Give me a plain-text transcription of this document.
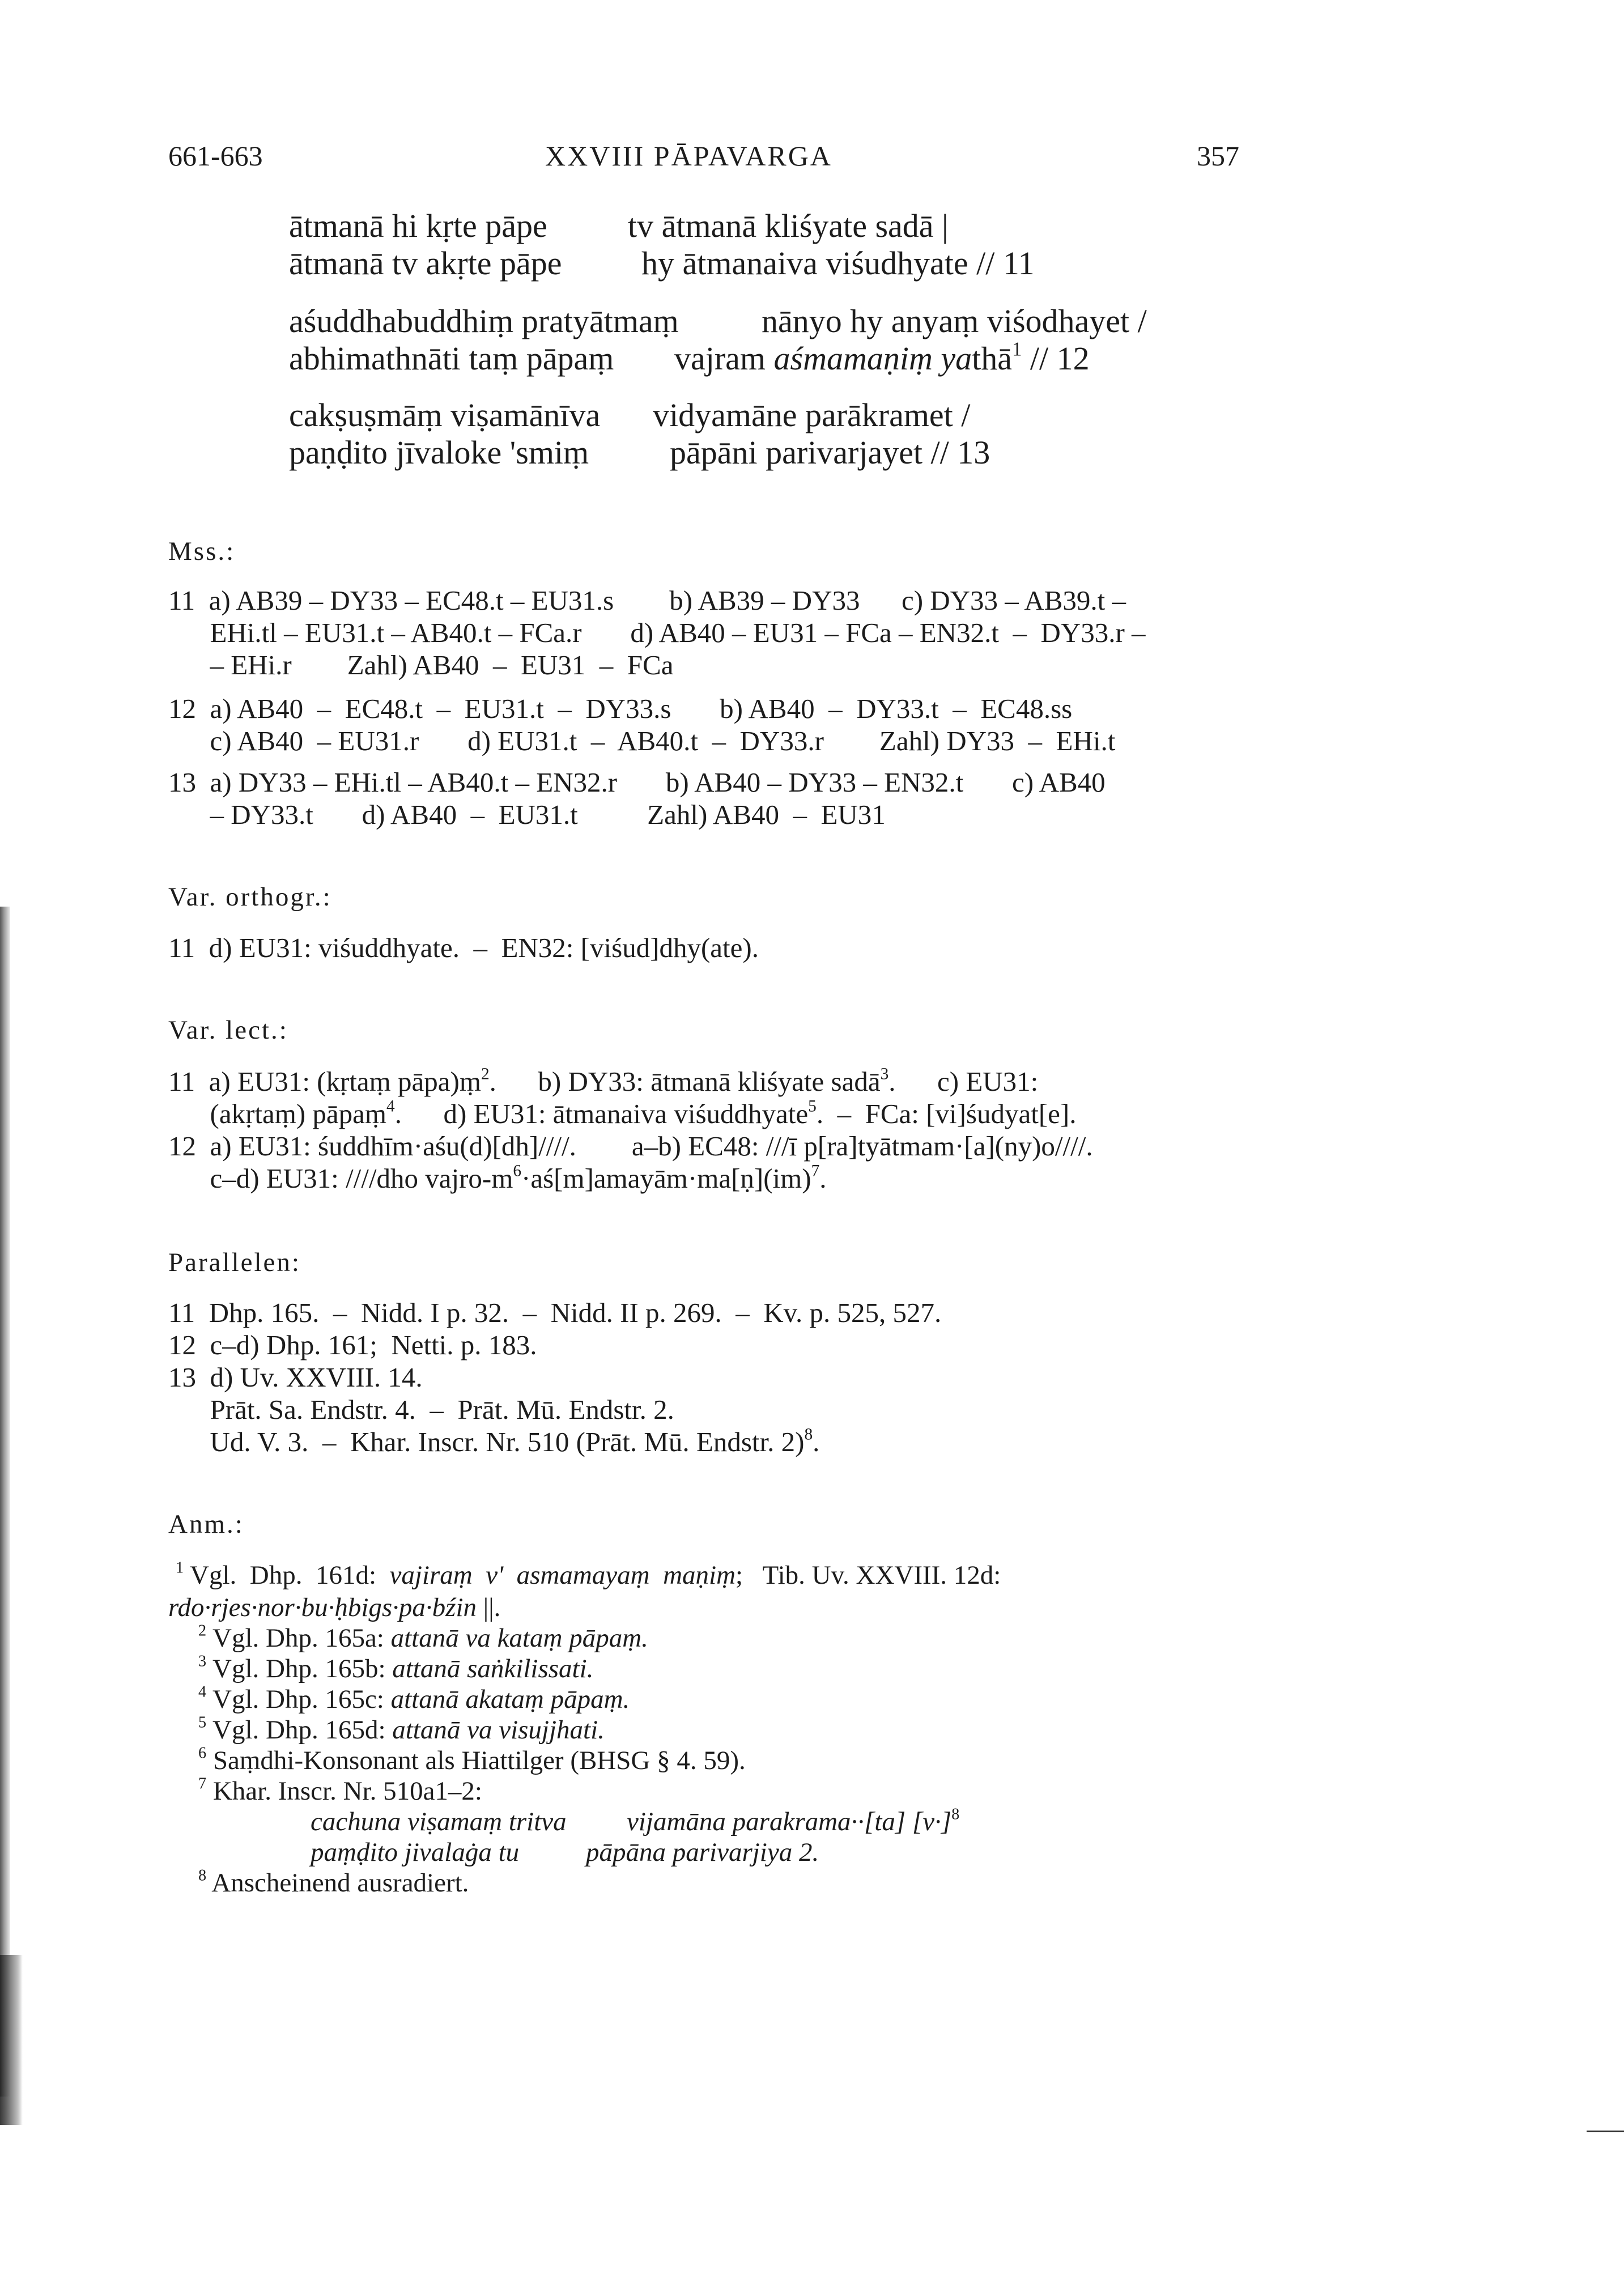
661-663	XXVIII PĀPAVARGA	357
ātmanā hi kṛte pāpe tv ātmanā kliśyate sadā |
ātmanā tv akṛte pāpe hy ātmanaiva viśudhyate // 11
aśuddhabuddhiṃ pratyātmaṃ	nānyo hy anyaṃ viśodhayet /
abhimathnāti taṃ pāpaṃ vajram aśmamaṇiṃ yathā$^1$ // 12
cakṣuṣmāṃ viṣamānīva vidyamāne parākramet /
paṇḍito jīvaloke 'smiṃ pāpāni parivarjayet // 13
Mss.:
11  a) AB39 – DY33 – EC48.t – EU31.s        b) AB39 – DY33      c) DY33 – AB39.t –
EHi.tl – EU31.t – AB40.t – FCa.r       d) AB40 – EU31 – FCa – EN32.t  –  DY33.r –
– EHi.r        Zahl) AB40  –  EU31  –  FCa
12  a) AB40  –  EC48.t  –  EU31.t  –  DY33.s       b) AB40  –  DY33.t  –  EC48.ss
c) AB40  – EU31.r       d) EU31.t  –  AB40.t  –  DY33.r        Zahl) DY33  –  EHi.t
13  a) DY33 – EHi.tl – AB40.t – EN32.r       b) AB40 – DY33 – EN32.t       c) AB40
– DY33.t       d) AB40  –  EU31.t          Zahl) AB40  –  EU31
Var. orthogr.:
11  d) EU31: viśuddhyate.  –  EN32: [viśud]dhy(ate).
Var. lect.:
11  a) EU31: (kṛtaṃ pāpa)ṃ$^2$.      b) DY33: ātmanā kliśyate sadā$^3$.      c) EU31:
(akṛtaṃ) pāpaṃ$^4$.      d) EU31: ātmanaiva viśuddhyate$^5$.  –  FCa: [vi]śudyat[e].
12  a) EU31: śuddhīm·aśu(d)[dh]////.        a–b) EC48: ///ī p[ra]tyātmam·[a](ny)o////.
c–d) EU31: ////dho vajro-$m^6\cdot aś[m]amayām\cdot ma[ṇ](im)^7$.
Parallelen:
11  Dhp. 165.  –  Nidd. I p. 32.  –  Nidd. II p. 269.  –  Kv. p. 525, 527.
12  c–d) Dhp. 161;  Netti. p. 183.
13  d) Uv. XXVIII. 14.
Prāt. Sa. Endstr. 4.  –  Prāt. Mū. Endstr. 2.
Ud. V. 3.  –  Khar. Inscr. Nr. 510 (Prāt. Mū. Endstr. 2)$^8$.
Anm.:
$^1$ Vgl.  Dhp.  161d:  vajiraṃ  v'  asmamayaṃ  maṇiṃ;   Tib. Uv. XXVIII. 12d:
rdo·rjes·nor·bu·ḥbigs·pa·bźin ||.
$^2$ Vgl. Dhp. 165a: attanā va kataṃ pāpaṃ.
$^3$ Vgl. Dhp. 165b: attanā saṅkilissati.
$^4$ Vgl. Dhp. 165c: attanā akataṃ pāpaṃ.
$^5$ Vgl. Dhp. 165d: attanā va visujjhati.
$^6$ Saṃdhi-Konsonant als Hiattilger (BHSG § 4. 59).
$^7$ Khar. Inscr. Nr. 510a1–2:
cachuna viṣamaṃ tritva vijamāna parakrama··[ta] $[v\cdot]^8$
paṃḍito jivalaġa tu	pāpāna parivarjiya 2.
$^8$ Anscheinend ausradiert.
